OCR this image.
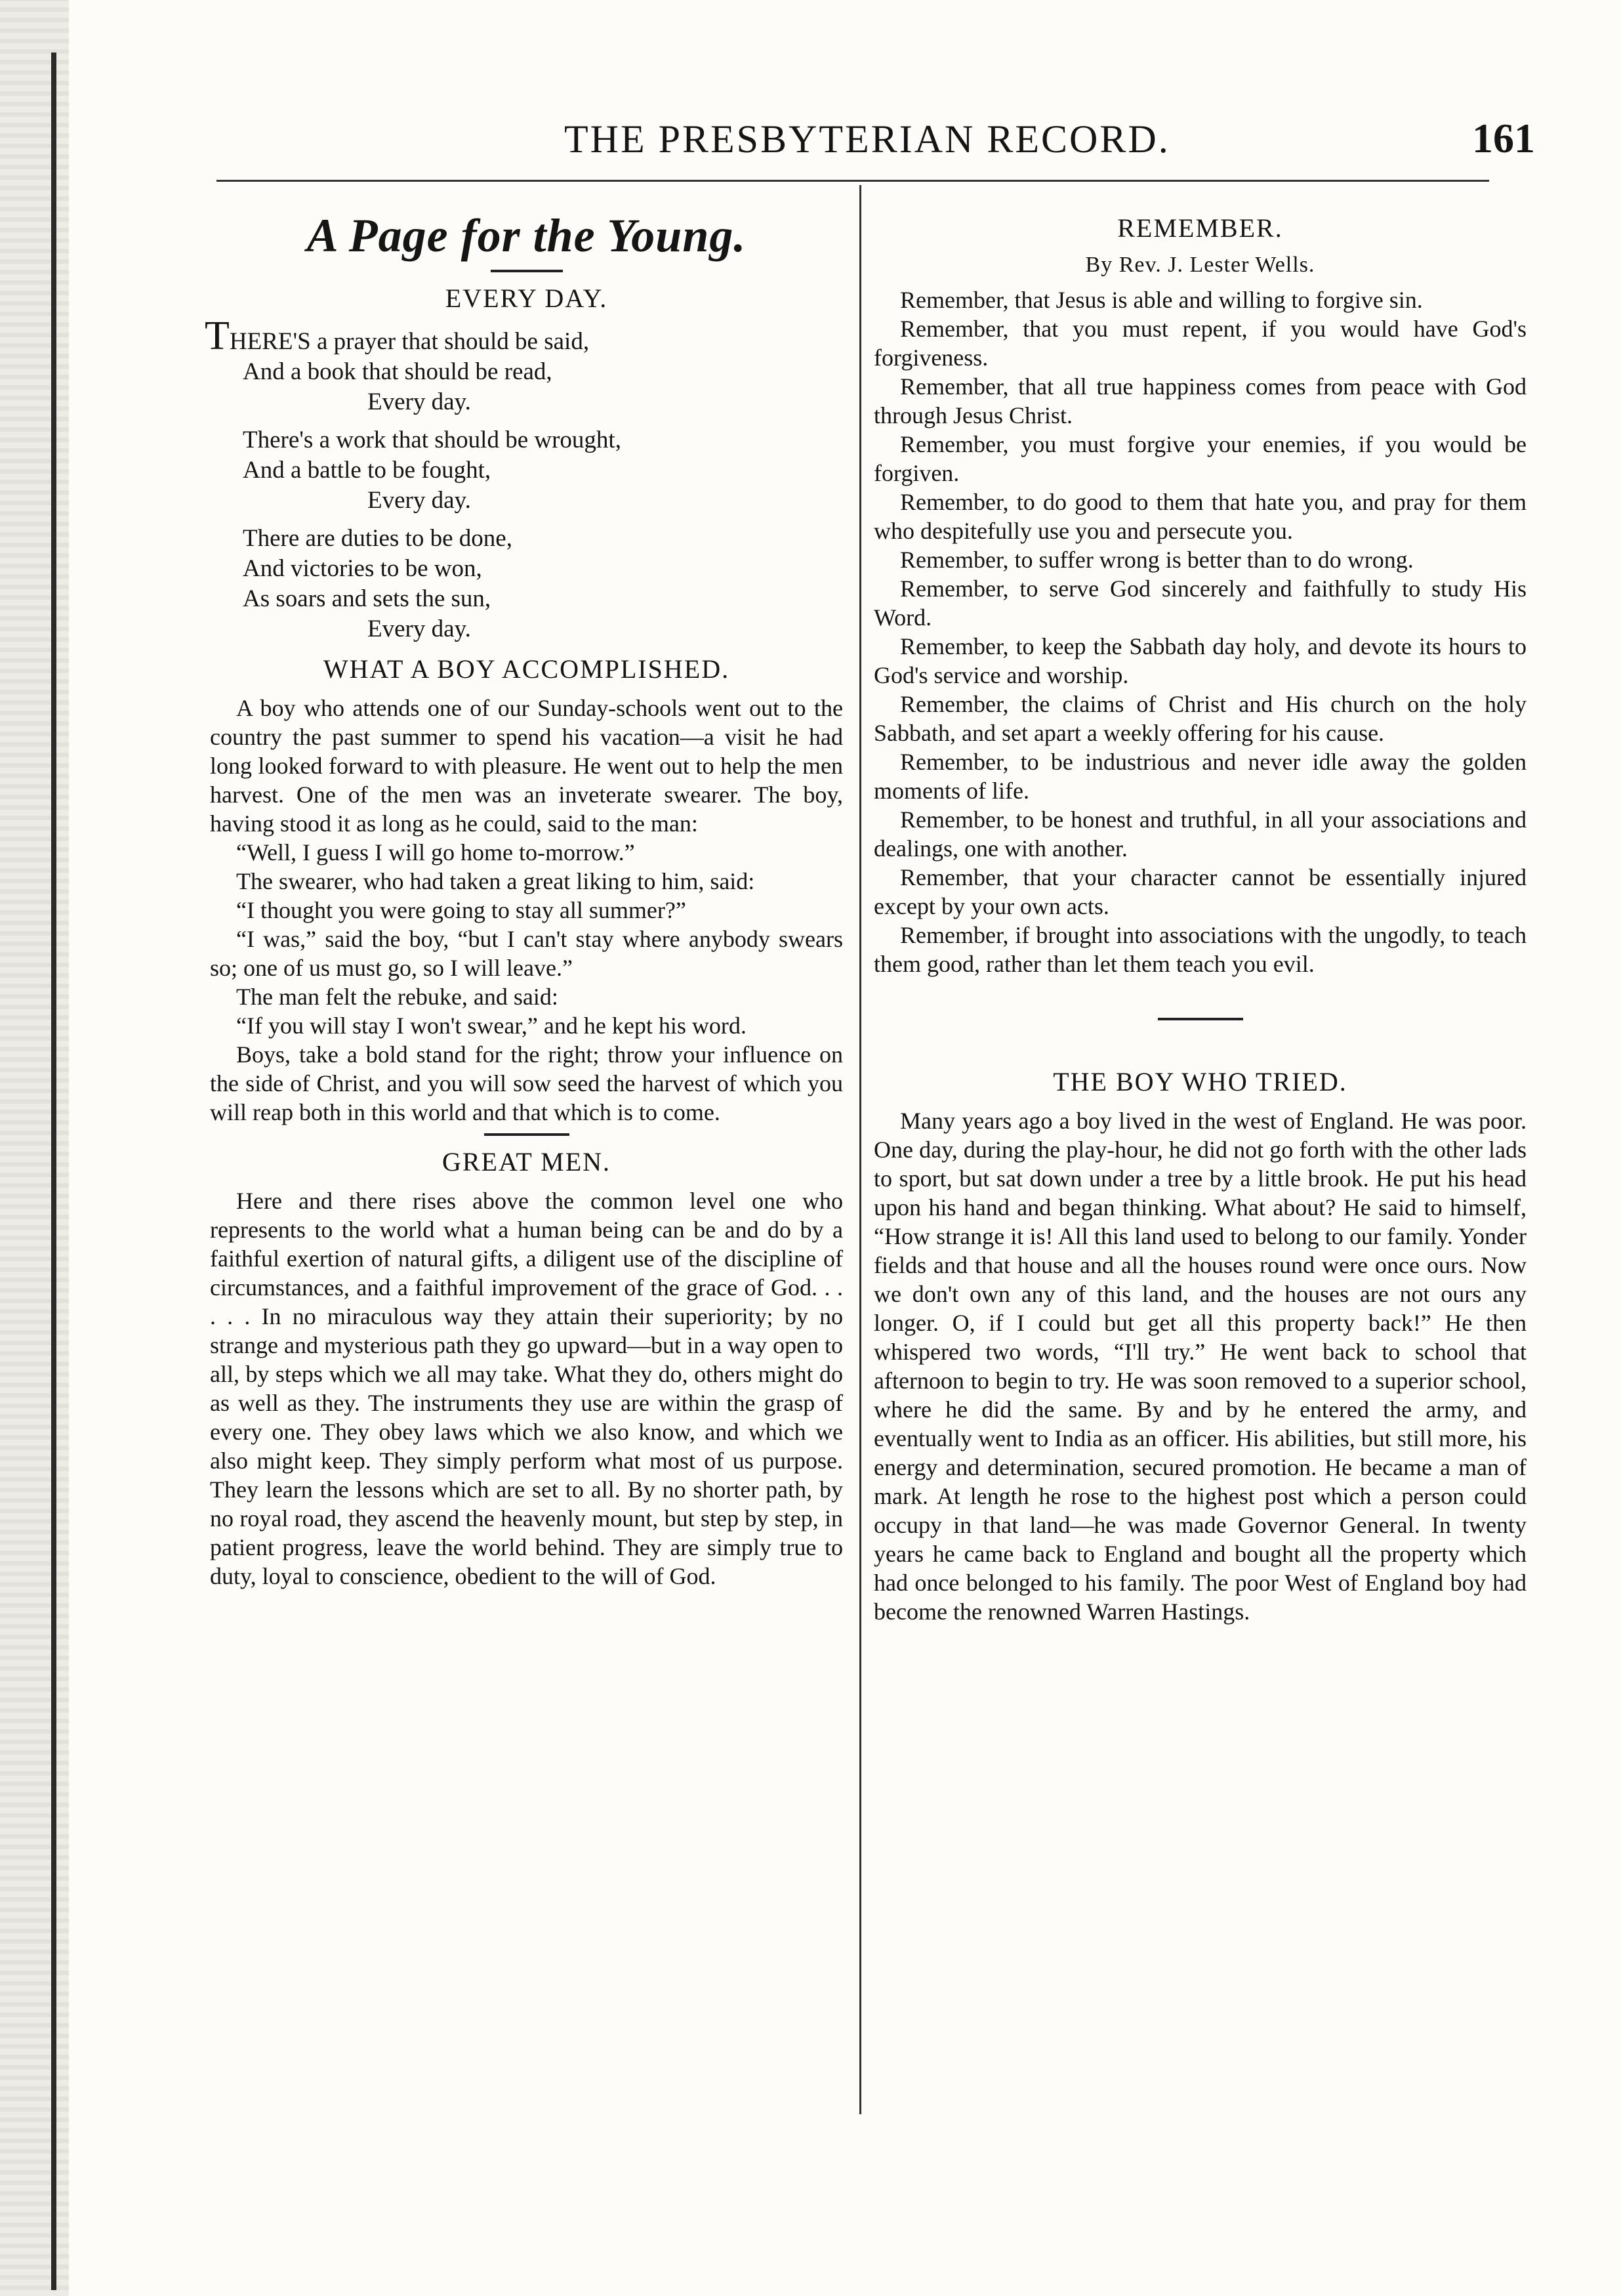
THE PRESBYTERIAN RECORD.	161
A Page for the Young.
EVERY DAY.
THERE'S a prayer that should be said,
And a book that should be read,
Every day.
There's a work that should be wrought,
And a battle to be fought,
Every day.
There are duties to be done,
And victories to be won,
As soars and sets the sun,
Every day.
WHAT A BOY ACCOMPLISHED.

A boy who attends one of our Sunday-schools went out to the country the past summer to spend his vacation—a visit he had long looked forward to with pleasure. He went out to help the men harvest. One of the men was an inveterate swearer. The boy, having stood it as long as he could, said to the man:

“Well, I guess I will go home to-morrow.”

The swearer, who had taken a great liking to him, said:

“I thought you were going to stay all summer?”

“I was,” said the boy, “but I can't stay where anybody swears so; one of us must go, so I will leave.”

The man felt the rebuke, and said:

“If you will stay I won't swear,” and he kept his word.

Boys, take a bold stand for the right; throw your influence on the side of Christ, and you will sow seed the harvest of which you will reap both in this world and that which is to come.

GREAT MEN.

Here and there rises above the common level one who represents to the world what a human being can be and do by a faithful exertion of natural gifts, a diligent use of the discipline of circumstances, and a faithful improvement of the grace of God. . . . . . In no miraculous way they attain their superiority; by no strange and mysterious path they go upward—but in a way open to all, by steps which we all may take. What they do, others might do as well as they. The instruments they use are within the grasp of every one. They obey laws which we also know, and which we also might keep. They simply perform what most of us purpose. They learn the lessons which are set to all. By no shorter path, by no royal road, they ascend the heavenly mount, but step by step, in patient progress, leave the world behind. They are simply true to duty, loyal to conscience, obedient to the will of God.

REMEMBER.
By Rev. J. Lester Wells.

Remember, that Jesus is able and willing to forgive sin.

Remember, that you must repent, if you would have God's forgiveness.

Remember, that all true happiness comes from peace with God through Jesus Christ.

Remember, you must forgive your enemies, if you would be forgiven.

Remember, to do good to them that hate you, and pray for them who despitefully use you and persecute you.

Remember, to suffer wrong is better than to do wrong.

Remember, to serve God sincerely and faithfully to study His Word.

Remember, to keep the Sabbath day holy, and devote its hours to God's service and worship.

Remember, the claims of Christ and His church on the holy Sabbath, and set apart a weekly offering for his cause.

Remember, to be industrious and never idle away the golden moments of life.

Remember, to be honest and truthful, in all your associations and dealings, one with another.

Remember, that your character cannot be essentially injured except by your own acts.

Remember, if brought into associations with the ungodly, to teach them good, rather than let them teach you evil.

THE BOY WHO TRIED.

Many years ago a boy lived in the west of England. He was poor. One day, during the play-hour, he did not go forth with the other lads to sport, but sat down under a tree by a little brook. He put his head upon his hand and began thinking. What about? He said to himself, “How strange it is! All this land used to belong to our family. Yonder fields and that house and all the houses round were once ours. Now we don't own any of this land, and the houses are not ours any longer. O, if I could but get all this property back!” He then whispered two words, “I'll try.” He went back to school that afternoon to begin to try. He was soon removed to a superior school, where he did the same. By and by he entered the army, and eventually went to India as an officer. His abilities, but still more, his energy and determination, secured promotion. He became a man of mark. At length he rose to the highest post which a person could occupy in that land—he was made Governor General. In twenty years he came back to England and bought all the property which had once belonged to his family. The poor West of England boy had become the renowned Warren Hastings.
